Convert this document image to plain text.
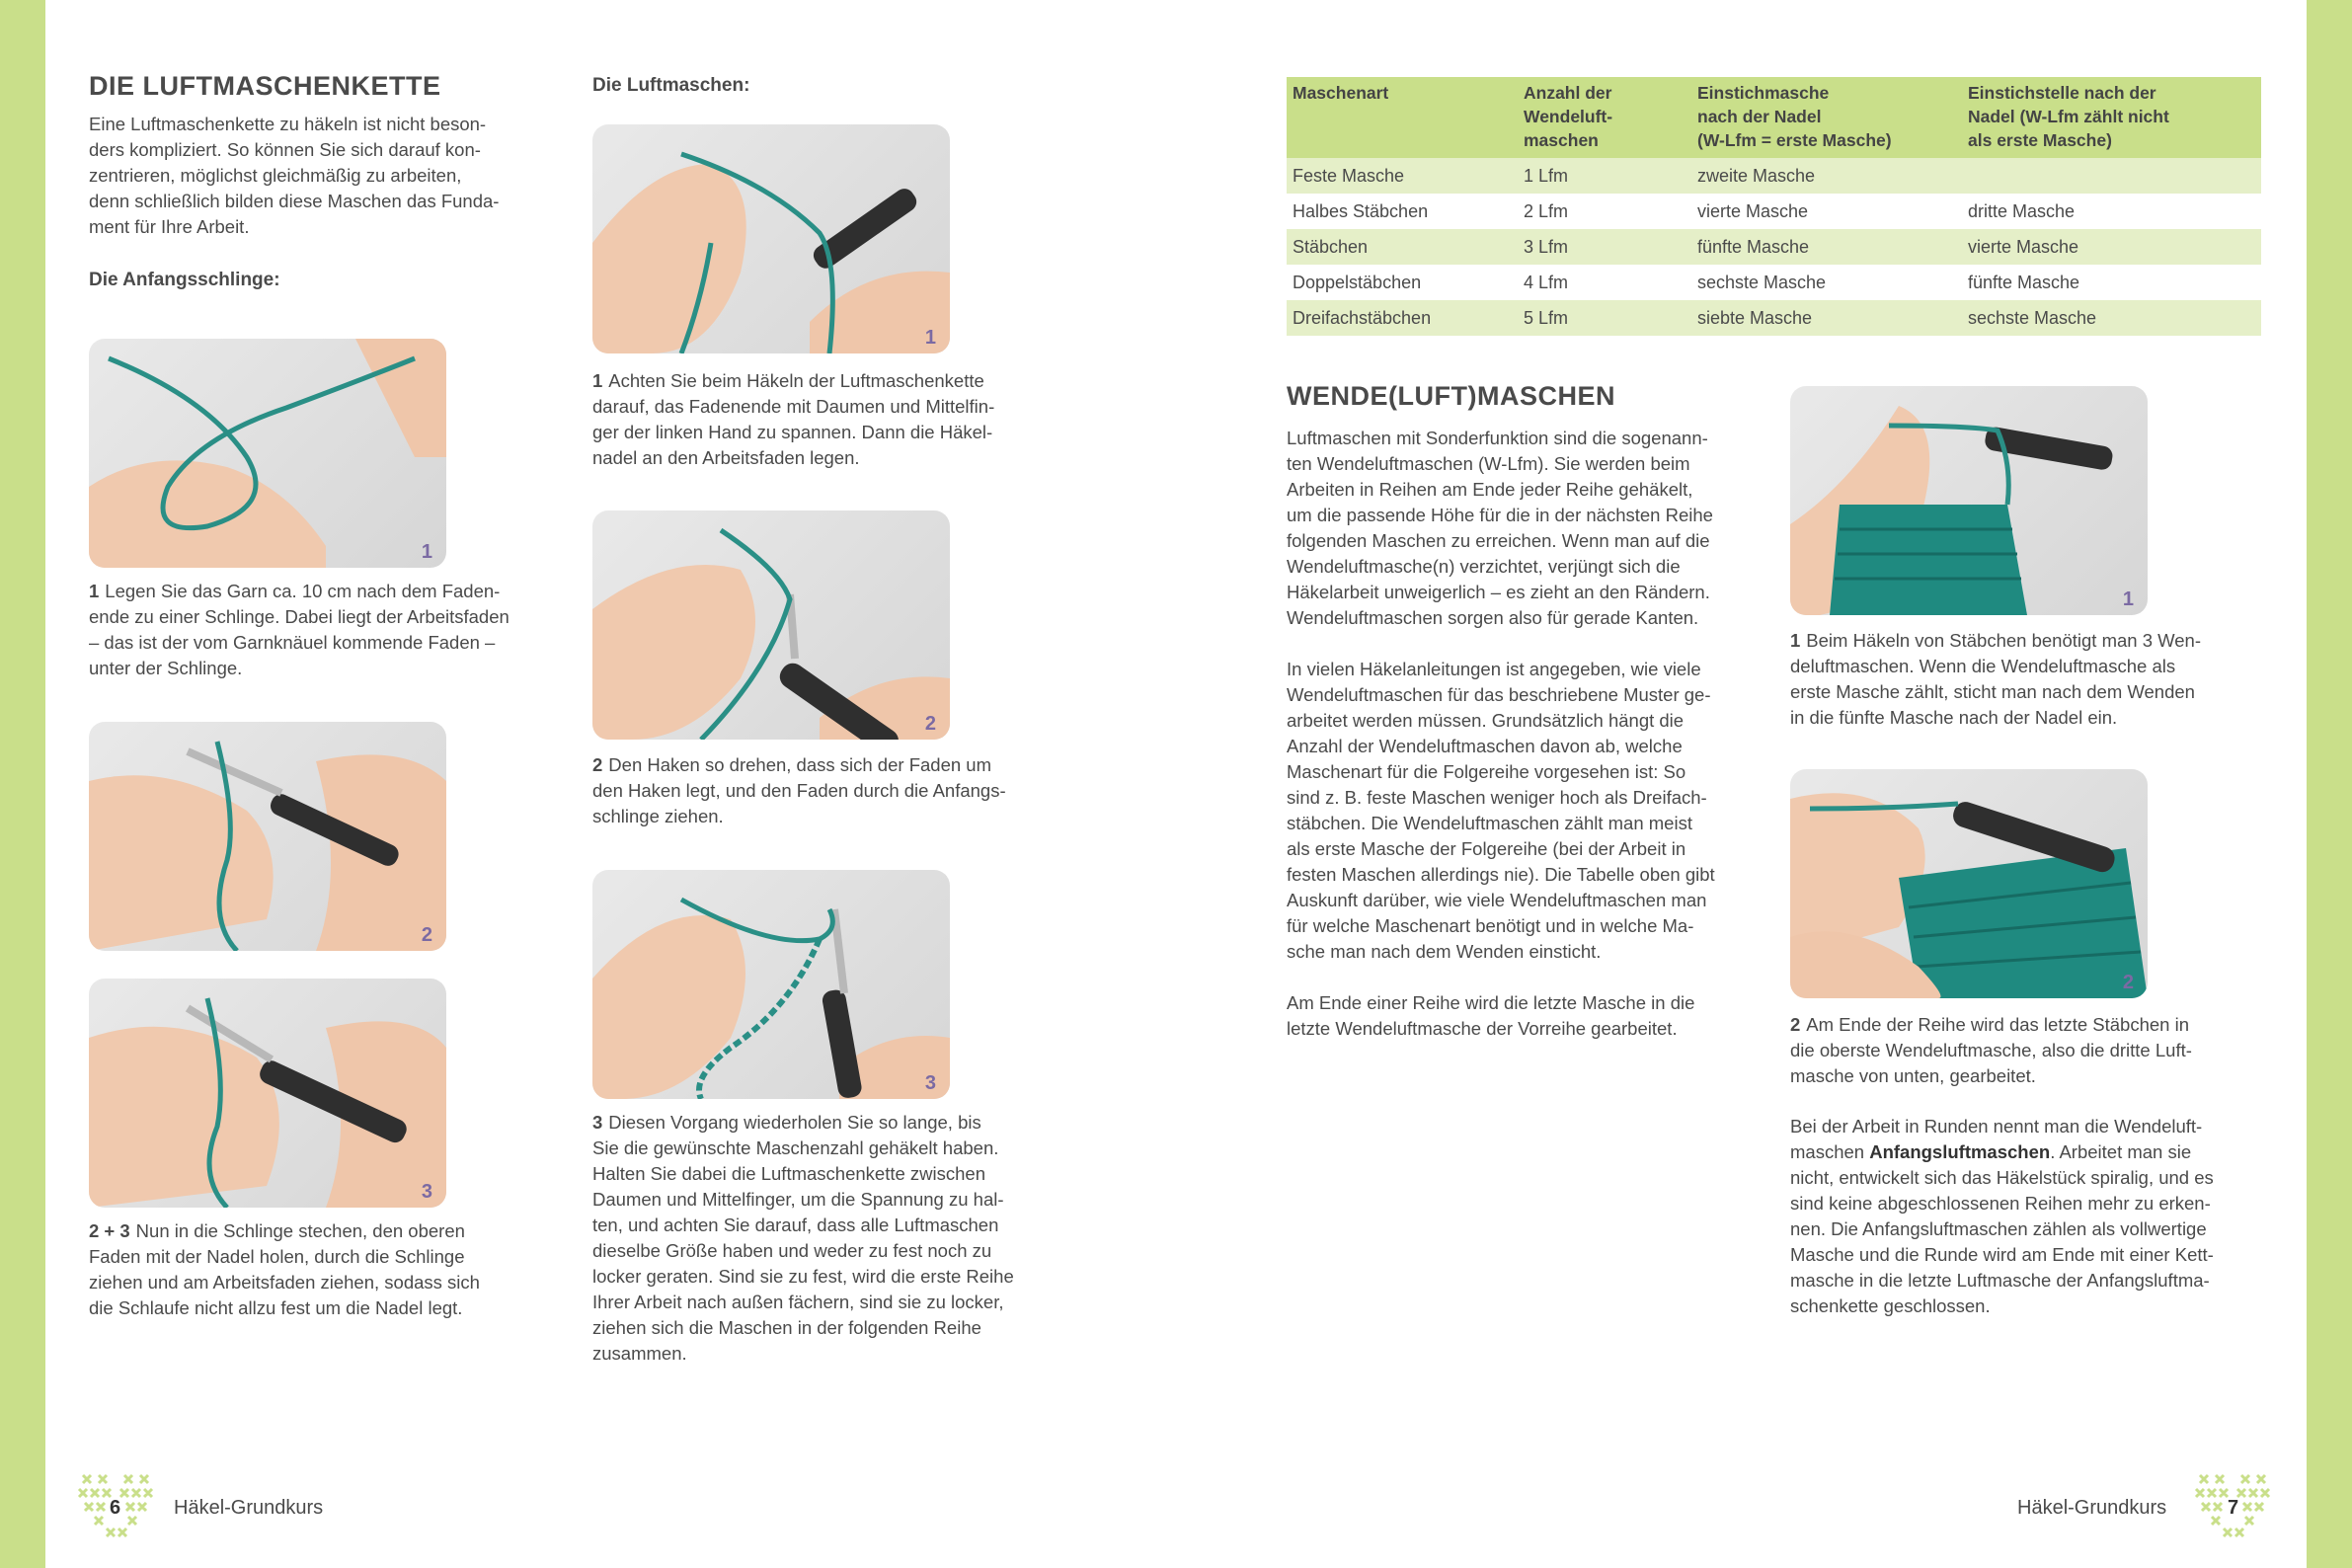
DIE LUFTMASCHENKETTE
Eine Luftmaschenkette zu häkeln ist nicht beson-
ders kompliziert. So können Sie sich darauf kon-
zentrieren, möglichst gleichmäßig zu arbeiten,
denn schließlich bilden diese Maschen das Funda-
ment für Ihre Arbeit.
Die Anfangsschlinge:
1
1 Legen Sie das Garn ca. 10 cm nach dem Faden-
ende zu einer Schlinge. Dabei liegt der Arbeitsfaden
– das ist der vom Garnknäuel kommende Faden –
unter der Schlinge.
2
3
2 + 3 Nun in die Schlinge stechen, den oberen
Faden mit der Nadel holen, durch die Schlinge
ziehen und am Arbeitsfaden ziehen, sodass sich
die Schlaufe nicht allzu fest um die Nadel legt.
Die Luftmaschen:
1
1 Achten Sie beim Häkeln der Luftmaschenkette
darauf, das Fadenende mit Daumen und Mittelfin-
ger der linken Hand zu spannen. Dann die Häkel-
nadel an den Arbeitsfaden legen.
2
2 Den Haken so drehen, dass sich der Faden um
den Haken legt, und den Faden durch die Anfangs-
schlinge ziehen.
3
3 Diesen Vorgang wiederholen Sie so lange, bis
Sie die gewünschte Maschenzahl gehäkelt haben.
Halten Sie dabei die Luftmaschenkette zwischen
Daumen und Mittelfinger, um die Spannung zu hal-
ten, und achten Sie darauf, dass alle Luftmaschen
dieselbe Größe haben und weder zu fest noch zu
locker geraten. Sind sie zu fest, wird die erste Reihe
Ihrer Arbeit nach außen fächern, sind sie zu locker,
ziehen sich die Maschen in der folgenden Reihe
zusammen.
6	Häkel-Grundkurs
Maschenart	Anzahl der
Wendeluft-
maschen	Einstichmasche
nach der Nadel
(W-Lfm = erste Masche)	Einstichstelle nach der
Nadel (W-Lfm zählt nicht
als erste Masche)
Feste Masche	1 Lfm	zweite Masche	
Halbes Stäbchen	2 Lfm	vierte Masche	dritte Masche
Stäbchen	3 Lfm	fünfte Masche	vierte Masche
Doppelstäbchen	4 Lfm	sechste Masche	fünfte Masche
Dreifachstäbchen	5 Lfm	siebte Masche	sechste Masche
WENDE(LUFT)MASCHEN
Luftmaschen mit Sonderfunktion sind die sogenann-
ten Wendeluftmaschen (W-Lfm). Sie werden beim
Arbeiten in Reihen am Ende jeder Reihe gehäkelt,
um die passende Höhe für die in der nächsten Reihe
folgenden Maschen zu erreichen. Wenn man auf die
Wendeluftmasche(n) verzichtet, verjüngt sich die
Häkelarbeit unweigerlich – es zieht an den Rändern.
Wendeluftmaschen sorgen also für gerade Kanten.
In vielen Häkelanleitungen ist angegeben, wie viele
Wendeluftmaschen für das beschriebene Muster ge-
arbeitet werden müssen. Grundsätzlich hängt die
Anzahl der Wendeluftmaschen davon ab, welche
Maschenart für die Folgereihe vorgesehen ist: So
sind z. B. feste Maschen weniger hoch als Dreifach-
stäbchen. Die Wendeluftmaschen zählt man meist
als erste Masche der Folgereihe (bei der Arbeit in
festen Maschen allerdings nie). Die Tabelle oben gibt
Auskunft darüber, wie viele Wendeluftmaschen man
für welche Maschenart benötigt und in welche Ma-
sche man nach dem Wenden einsticht.
Am Ende einer Reihe wird die letzte Masche in die
letzte Wendeluftmasche der Vorreihe gearbeitet.
1
1 Beim Häkeln von Stäbchen benötigt man 3 Wen-
deluftmaschen. Wenn die Wendeluftmasche als
erste Masche zählt, sticht man nach dem Wenden
in die fünfte Masche nach der Nadel ein.
2
2 Am Ende der Reihe wird das letzte Stäbchen in
die oberste Wendeluftmasche, also die dritte Luft-
masche von unten, gearbeitet.
Bei der Arbeit in Runden nennt man die Wendeluft-
maschen Anfangsluftmaschen. Arbeitet man sie
nicht, entwickelt sich das Häkelstück spiralig, und es
sind keine abgeschlossenen Reihen mehr zu erken-
nen. Die Anfangsluftmaschen zählen als vollwertige
Masche und die Runde wird am Ende mit einer Kett-
masche in die letzte Luftmasche der Anfangsluftma-
schenkette geschlossen.
Häkel-Grundkurs	7
